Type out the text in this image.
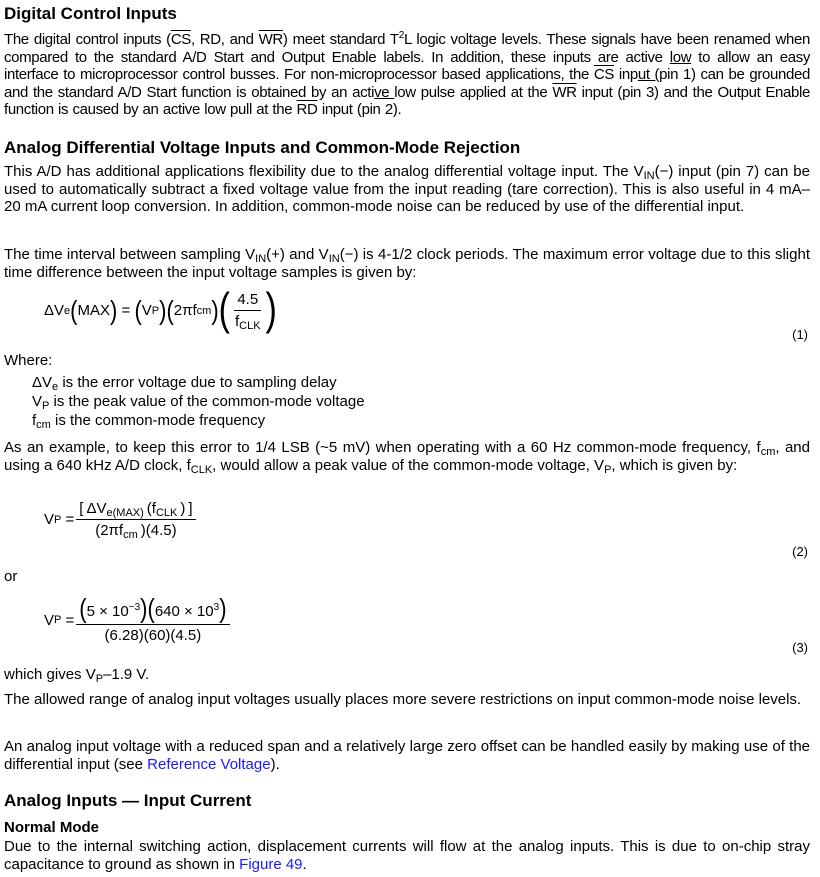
Digital Control Inputs
The digital control inputs ($\overline{CS}$, RD, and $\overline{WR}$) meet standard $T^2L$ logic voltage levels. These signals have been renamed when compared to the standard A/D Start and Output Enable labels. In addition, these inputs are active low to allow an easy interface to microprocessor control busses. For non-microprocessor based applications, the $\overline{CS}$ input (pin 1) can be grounded and the standard A/D Start function is obtained by an active low pulse applied at the $\overline{WR}$ input (pin 3) and the Output Enable function is caused by an active low pull at the $\overline{RD}$ input (pin 2).
Analog Differential Voltage Inputs and Common-Mode Rejection
This A/D has additional applications flexibility due to the analog differential voltage input. The $V_{IN}(-)$ input (pin 7) can be used to automatically subtract a fixed voltage value from the input reading (tare correction). This is also useful in 4 mA–20 mA current loop conversion. In addition, common-mode noise can be reduced by use of the differential input.
The time interval between sampling $V_{IN}(+)$ and $V_{IN}(-)$ is 4-1/2 clock periods. The maximum error voltage due to this slight time difference between the input voltage samples is given by:
ΔV e ( MAX )
=
( V P ) ( 2πf cm ) ( $\frac{4.5}{f_{CLK}}$ )	(1)
Where:
$\Delta V_e$ is the error voltage due to sampling delay
$V_P$ is the peak value of the common-mode voltage
$f_{cm}$ is the common-mode frequency
As an example, to keep this error to 1/4 LSB (~5 mV) when operating with a 60 Hz common-mode frequency, $f_{cm}$, and using a 640 kHz A/D clock, $f_{CLK}$, would allow a peak value of the common-mode voltage, $V_P$, which is given by:
V P
= $\frac{[ \Delta V_{e(MAX)} (f_{CLK} ) ]}{(2\pi f_{cm} )(4.5)}$
(2)
or
V P
= $\frac{(5 \times 10^{-3})(640 \times 10^3)}{(6.28)(60)(4.5)}$
(3)
which gives $V_P-1.9$ V.
The allowed range of analog input voltages usually places more severe restrictions on input common-mode noise levels.
An analog input voltage with a reduced span and a relatively large zero offset can be handled easily by making use of the differential input (see Reference Voltage).
Analog Inputs — Input Current
Normal Mode
Due to the internal switching action, displacement currents will flow at the analog inputs. This is due to on-chip stray capacitance to ground as shown in Figure 49.
